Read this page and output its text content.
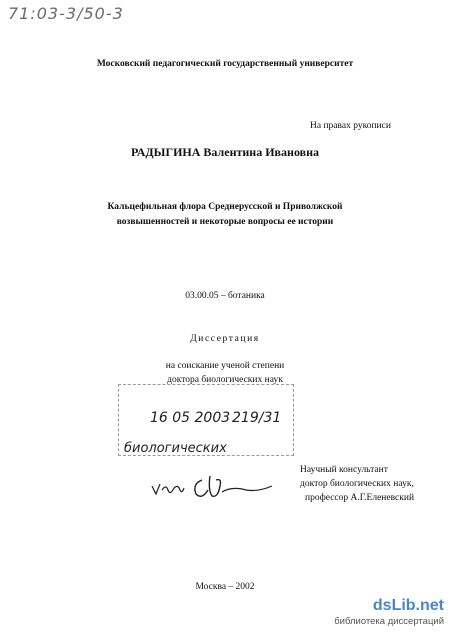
71:03-3/50-3
Московский педагогический государственный университет
На правах рукописи
РАДЫГИНА Валентина Ивановна
Кальцефильная флора Среднерусской и Приволжской
возвышенностей и некоторые вопросы ее истории
03.00.05 – ботаника
Диссертация
на соискание ученой степени
доктора биологических наук
16 05 2003 219/31
биологических
Научный консультант
доктор биологических наук,
профессор А.Г.Еленевский
Москва – 2002
dsLib.net
библиотека диссертаций
